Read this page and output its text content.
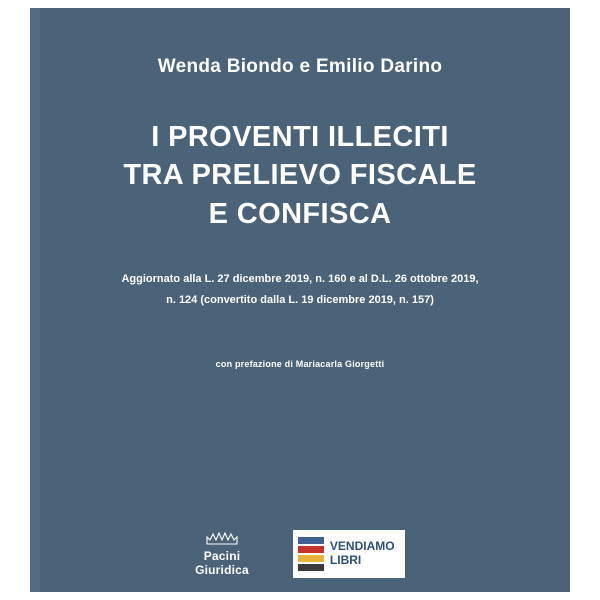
Wenda Biondo e Emilio Darino
I PROVENTI ILLECITI
TRA PRELIEVO FISCALE
E CONFISCA
Aggiornato alla L. 27 dicembre 2019, n. 160 e al D.L. 26 ottobre 2019,
n. 124 (convertito dalla L. 19 dicembre 2019, n. 157)
con prefazione di Mariacarla Giorgetti
Pacini
Giuridica
VENDIAMO
LIBRI
